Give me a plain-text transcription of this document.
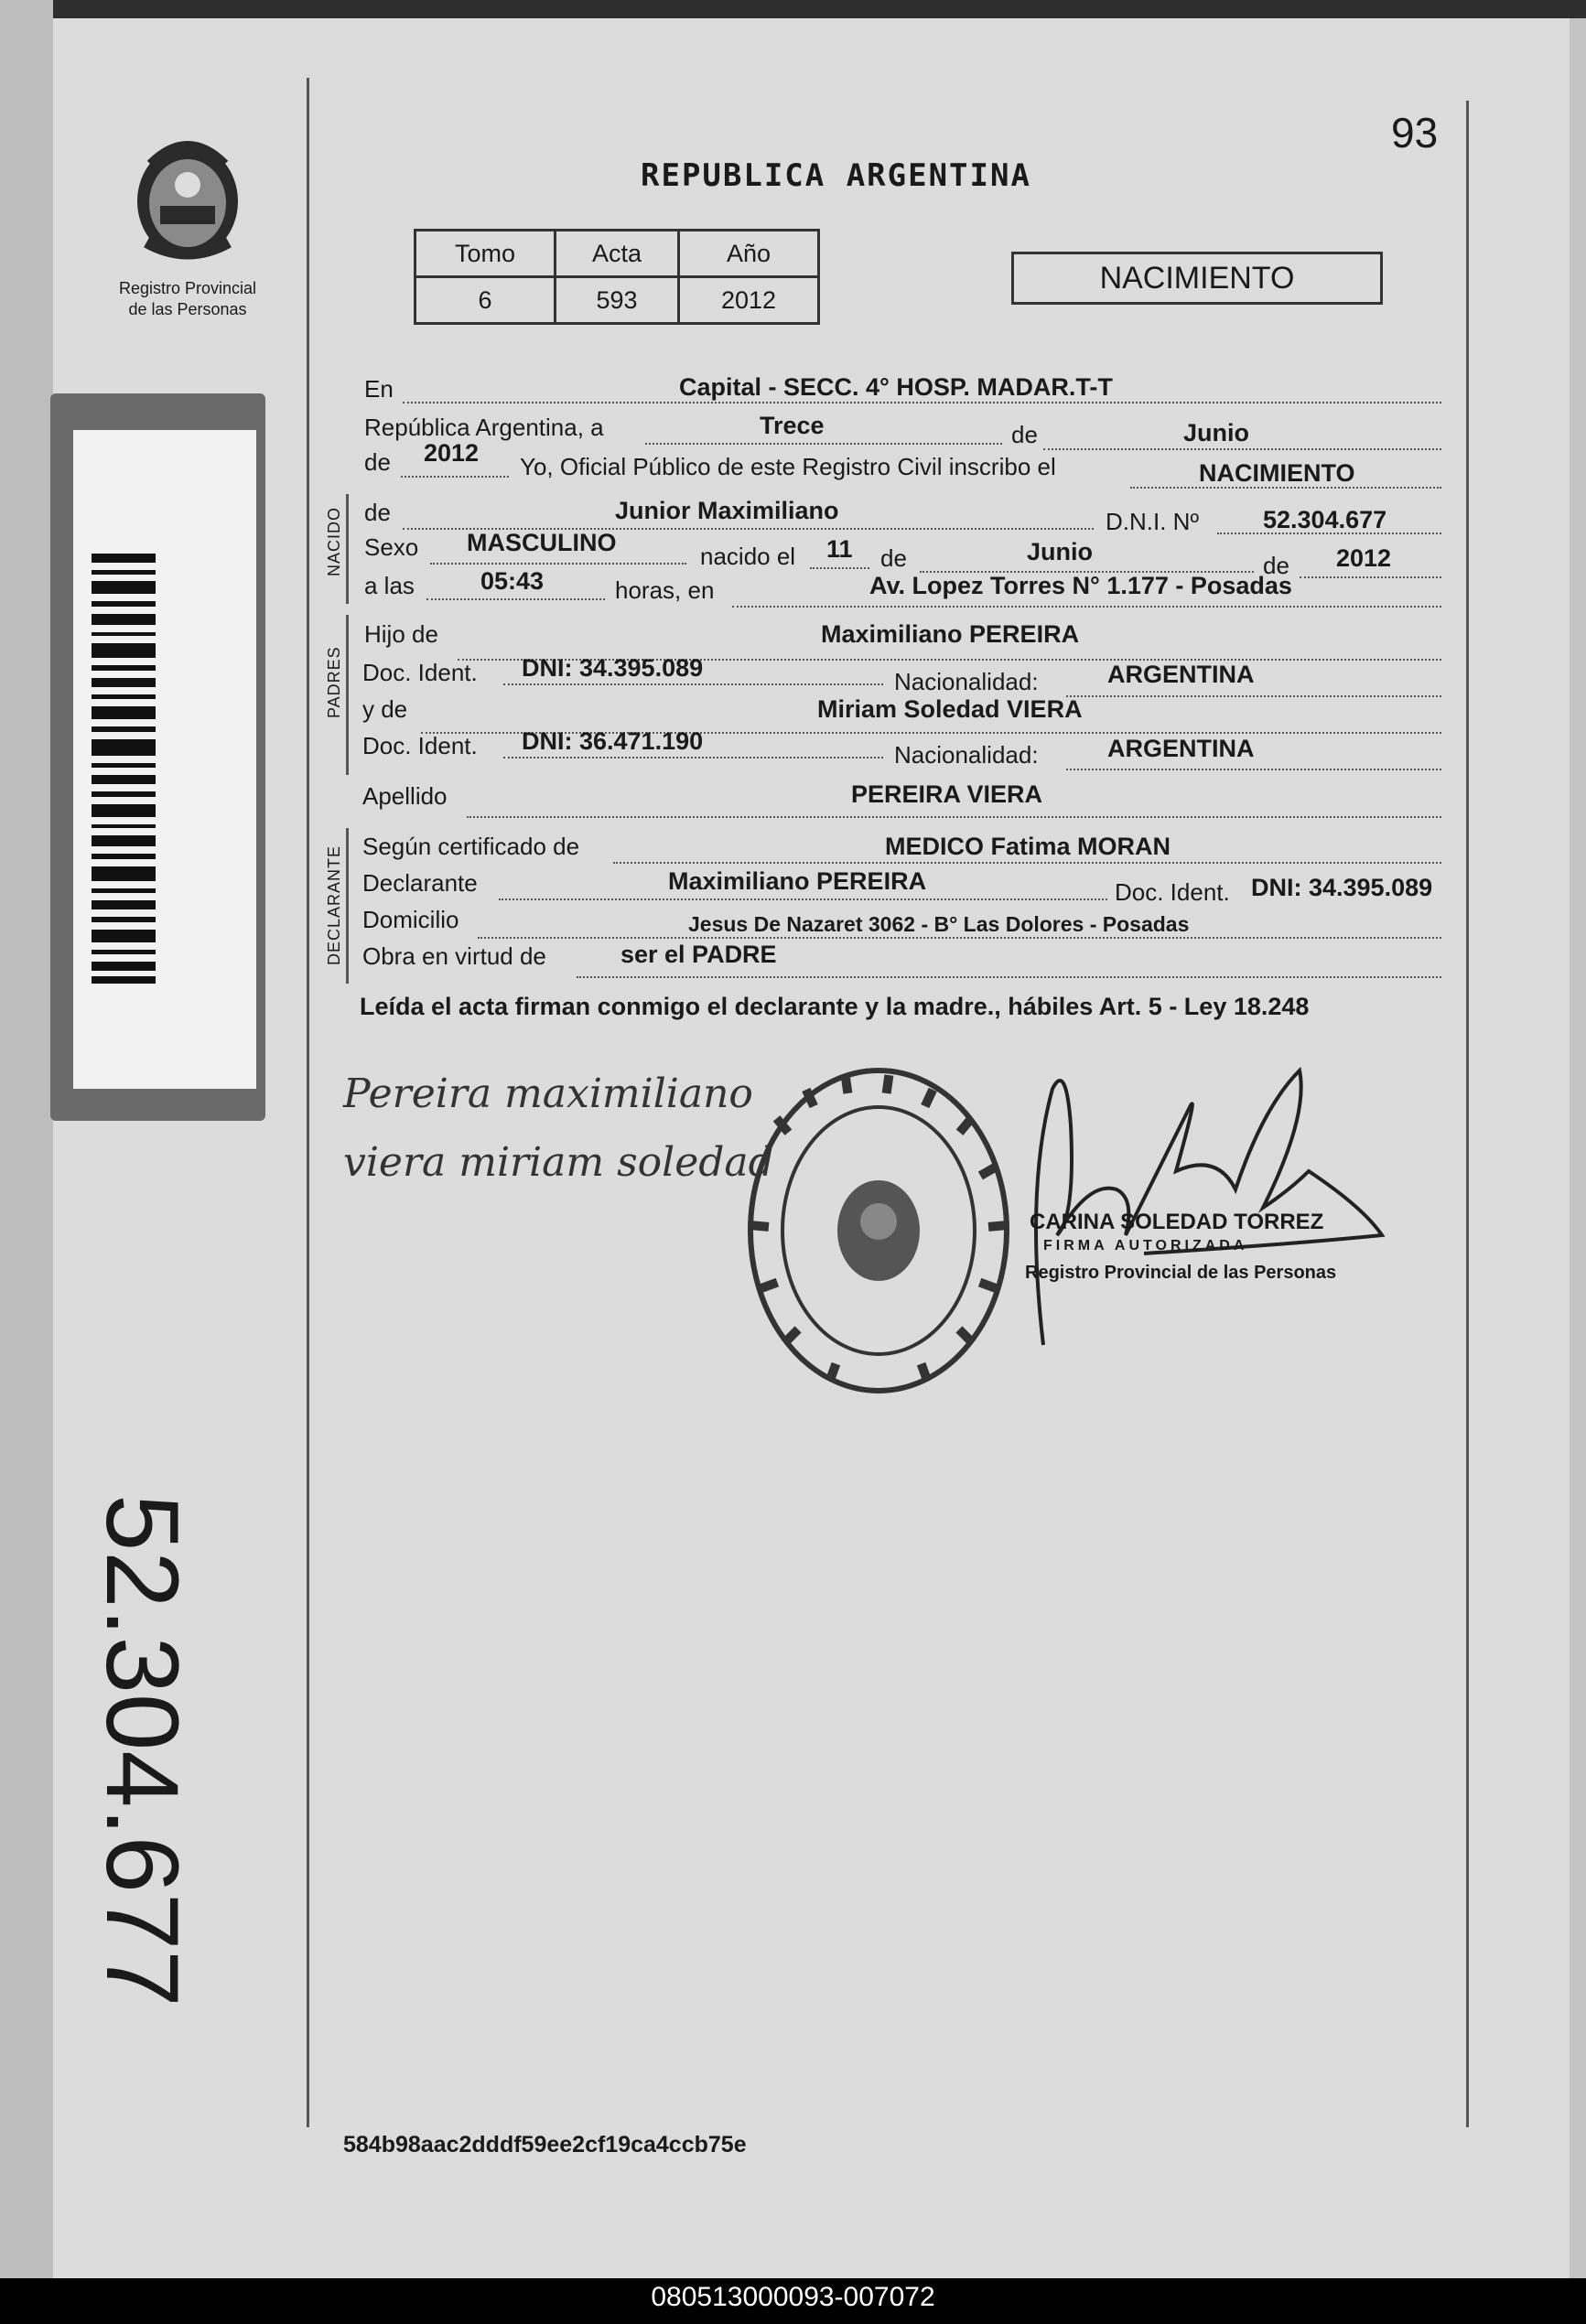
Registro Provincial
de las Personas
52.304.677
93
REPUBLICA ARGENTINA
Tomo	Acta	Año
6	593	2012
NACIMIENTO
NACIDO
PADRES
DECLARANTE
En	Capital - SECC. 4° HOSP. MADAR.T-T
República Argentina, a	Trece	de	Junio
de 2012 Yo, Oficial Público de este Registro Civil inscribo el	NACIMIENTO
de	Junior Maximiliano	D.N.I. Nº	52.304.677
Sexo MASCULINO	nacido el 11 de	Junio	de 2012
a las	05:43	horas, en	Av. Lopez Torres N° 1.177 - Posadas
Hijo de	Maximiliano PEREIRA
Doc. Ident. DNI: 34.395.089	Nacionalidad:	ARGENTINA
y de	Miriam Soledad VIERA
Doc. Ident. DNI: 36.471.190	Nacionalidad:	ARGENTINA
Apellido	PEREIRA VIERA
Según certificado de	MEDICO Fatima MORAN
Declarante	Maximiliano PEREIRA	Doc. Ident. DNI: 34.395.089
Domicilio	Jesus De Nazaret 3062 - B° Las Dolores - Posadas
Obra en virtud de	ser el PADRE
Leída el acta firman conmigo el declarante y la madre., hábiles Art. 5 - Ley 18.248
Pereira maximiliano
viera miriam soledad
CARINA SOLEDAD TORREZ
FIRMA AUTORIZADA
Registro Provincial de las Personas
584b98aac2dddf59ee2cf19ca4ccb75e
080513000093-007072
